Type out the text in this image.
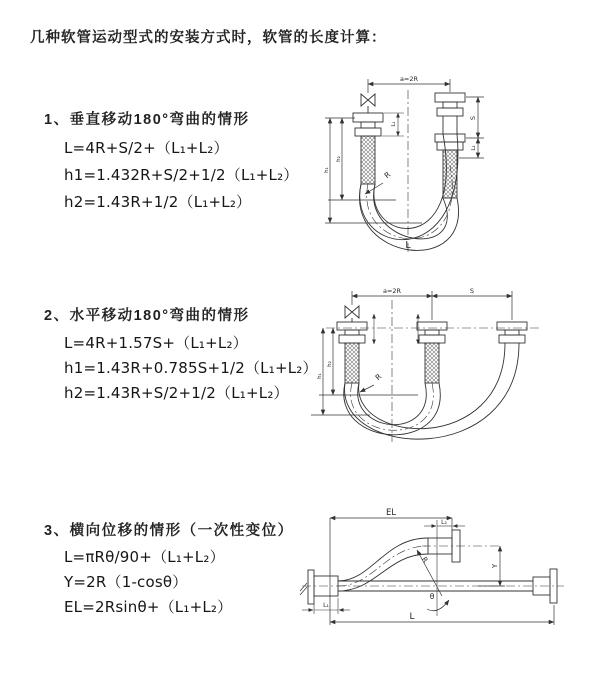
几种软管运动型式的安装方式时，软管的长度计算：
1、垂直移动180°弯曲的情形
L=4R+S/2+（L₁+L₂）
h1=1.432R+S/2+1/2（L₁+L₂）
h2=1.43R+1/2（L₁+L₂）
a=2R
L₁
S
L₂
h₂
h₁	R
L
2、水平移动180°弯曲的情形
L=4R+1.57S+（L₁+L₂）
h1=1.43R+0.785S+1/2（L₁+L₂）
h2=1.43R+S/2+1/2（L₁+L₂）
a=2R	S
h₂
h₁	R
3、横向位移的情形（一次性变位）
L=πRθ/90+（L₁+L₂）
Y=2R（1-cosθ）
EL=2Rsinθ+（L₁+L₂）
EL
L₂
Y
R
θ
L
L₁
